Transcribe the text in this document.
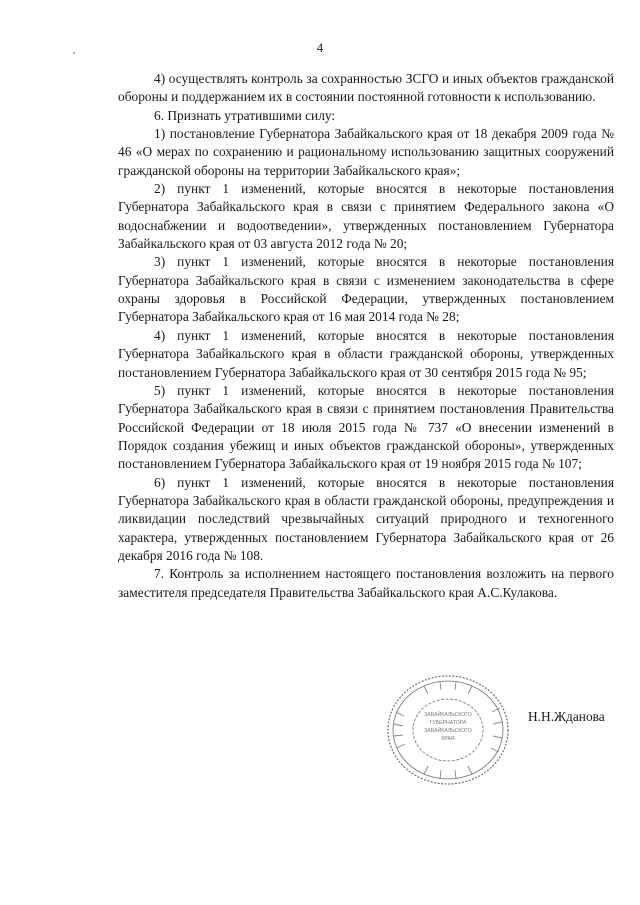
4

4) осуществлять контроль за сохранностью ЗСГО и иных объектов гражданской обороны и поддержанием их в состоянии постоянной готовности к использованию.

6. Признать утратившими силу:

1) постановление Губернатора Забайкальского края от 18 декабря 2009 года № 46 «О мерах по сохранению и рациональному использованию защитных сооружений гражданской обороны на территории Забайкальского края»;

2) пункт 1 изменений, которые вносятся в некоторые постановления Губернатора Забайкальского края в связи с принятием Федерального закона «О водоснабжении и водоотведении», утвержденных постановлением Губернатора Забайкальского края от 03 августа 2012 года № 20;

3) пункт 1 изменений, которые вносятся в некоторые постановления Губернатора Забайкальского края в связи с изменением законодательства в сфере охраны здоровья в Российской Федерации, утвержденных постановлением Губернатора Забайкальского края от 16 мая 2014 года № 28;

4) пункт 1 изменений, которые вносятся в некоторые постановления Губернатора Забайкальского края в области гражданской обороны, утвержденных постановлением Губернатора Забайкальского края от 30 сентября 2015 года № 95;

5) пункт 1 изменений, которые вносятся в некоторые постановления Губернатора Забайкальского края в связи с принятием постановления Правительства Российской Федерации от 18 июля 2015 года № 737 «О внесении изменений в Порядок создания убежищ и иных объектов гражданской обороны», утвержденных постановлением Губернатора Забайкальского края от 19 ноября 2015 года № 107;

6) пункт 1 изменений, которые вносятся в некоторые постановления Губернатора Забайкальского края в области гражданской обороны, предупреждения и ликвидации последствий чрезвычайных ситуаций природного и техногенного характера, утвержденных постановлением Губернатора Забайкальского края от 26 декабря 2016 года № 108.

7. Контроль за исполнением настоящего постановления возложить на первого заместителя председателя Правительства Забайкальского края А.С.Кулакова.

ЗАБАЙКАЛЬСКОГО
ГУБЕРНАТОРА
ЗАБАЙКАЛЬСКОГО
КРАЯ
Н.Н.Жданова
